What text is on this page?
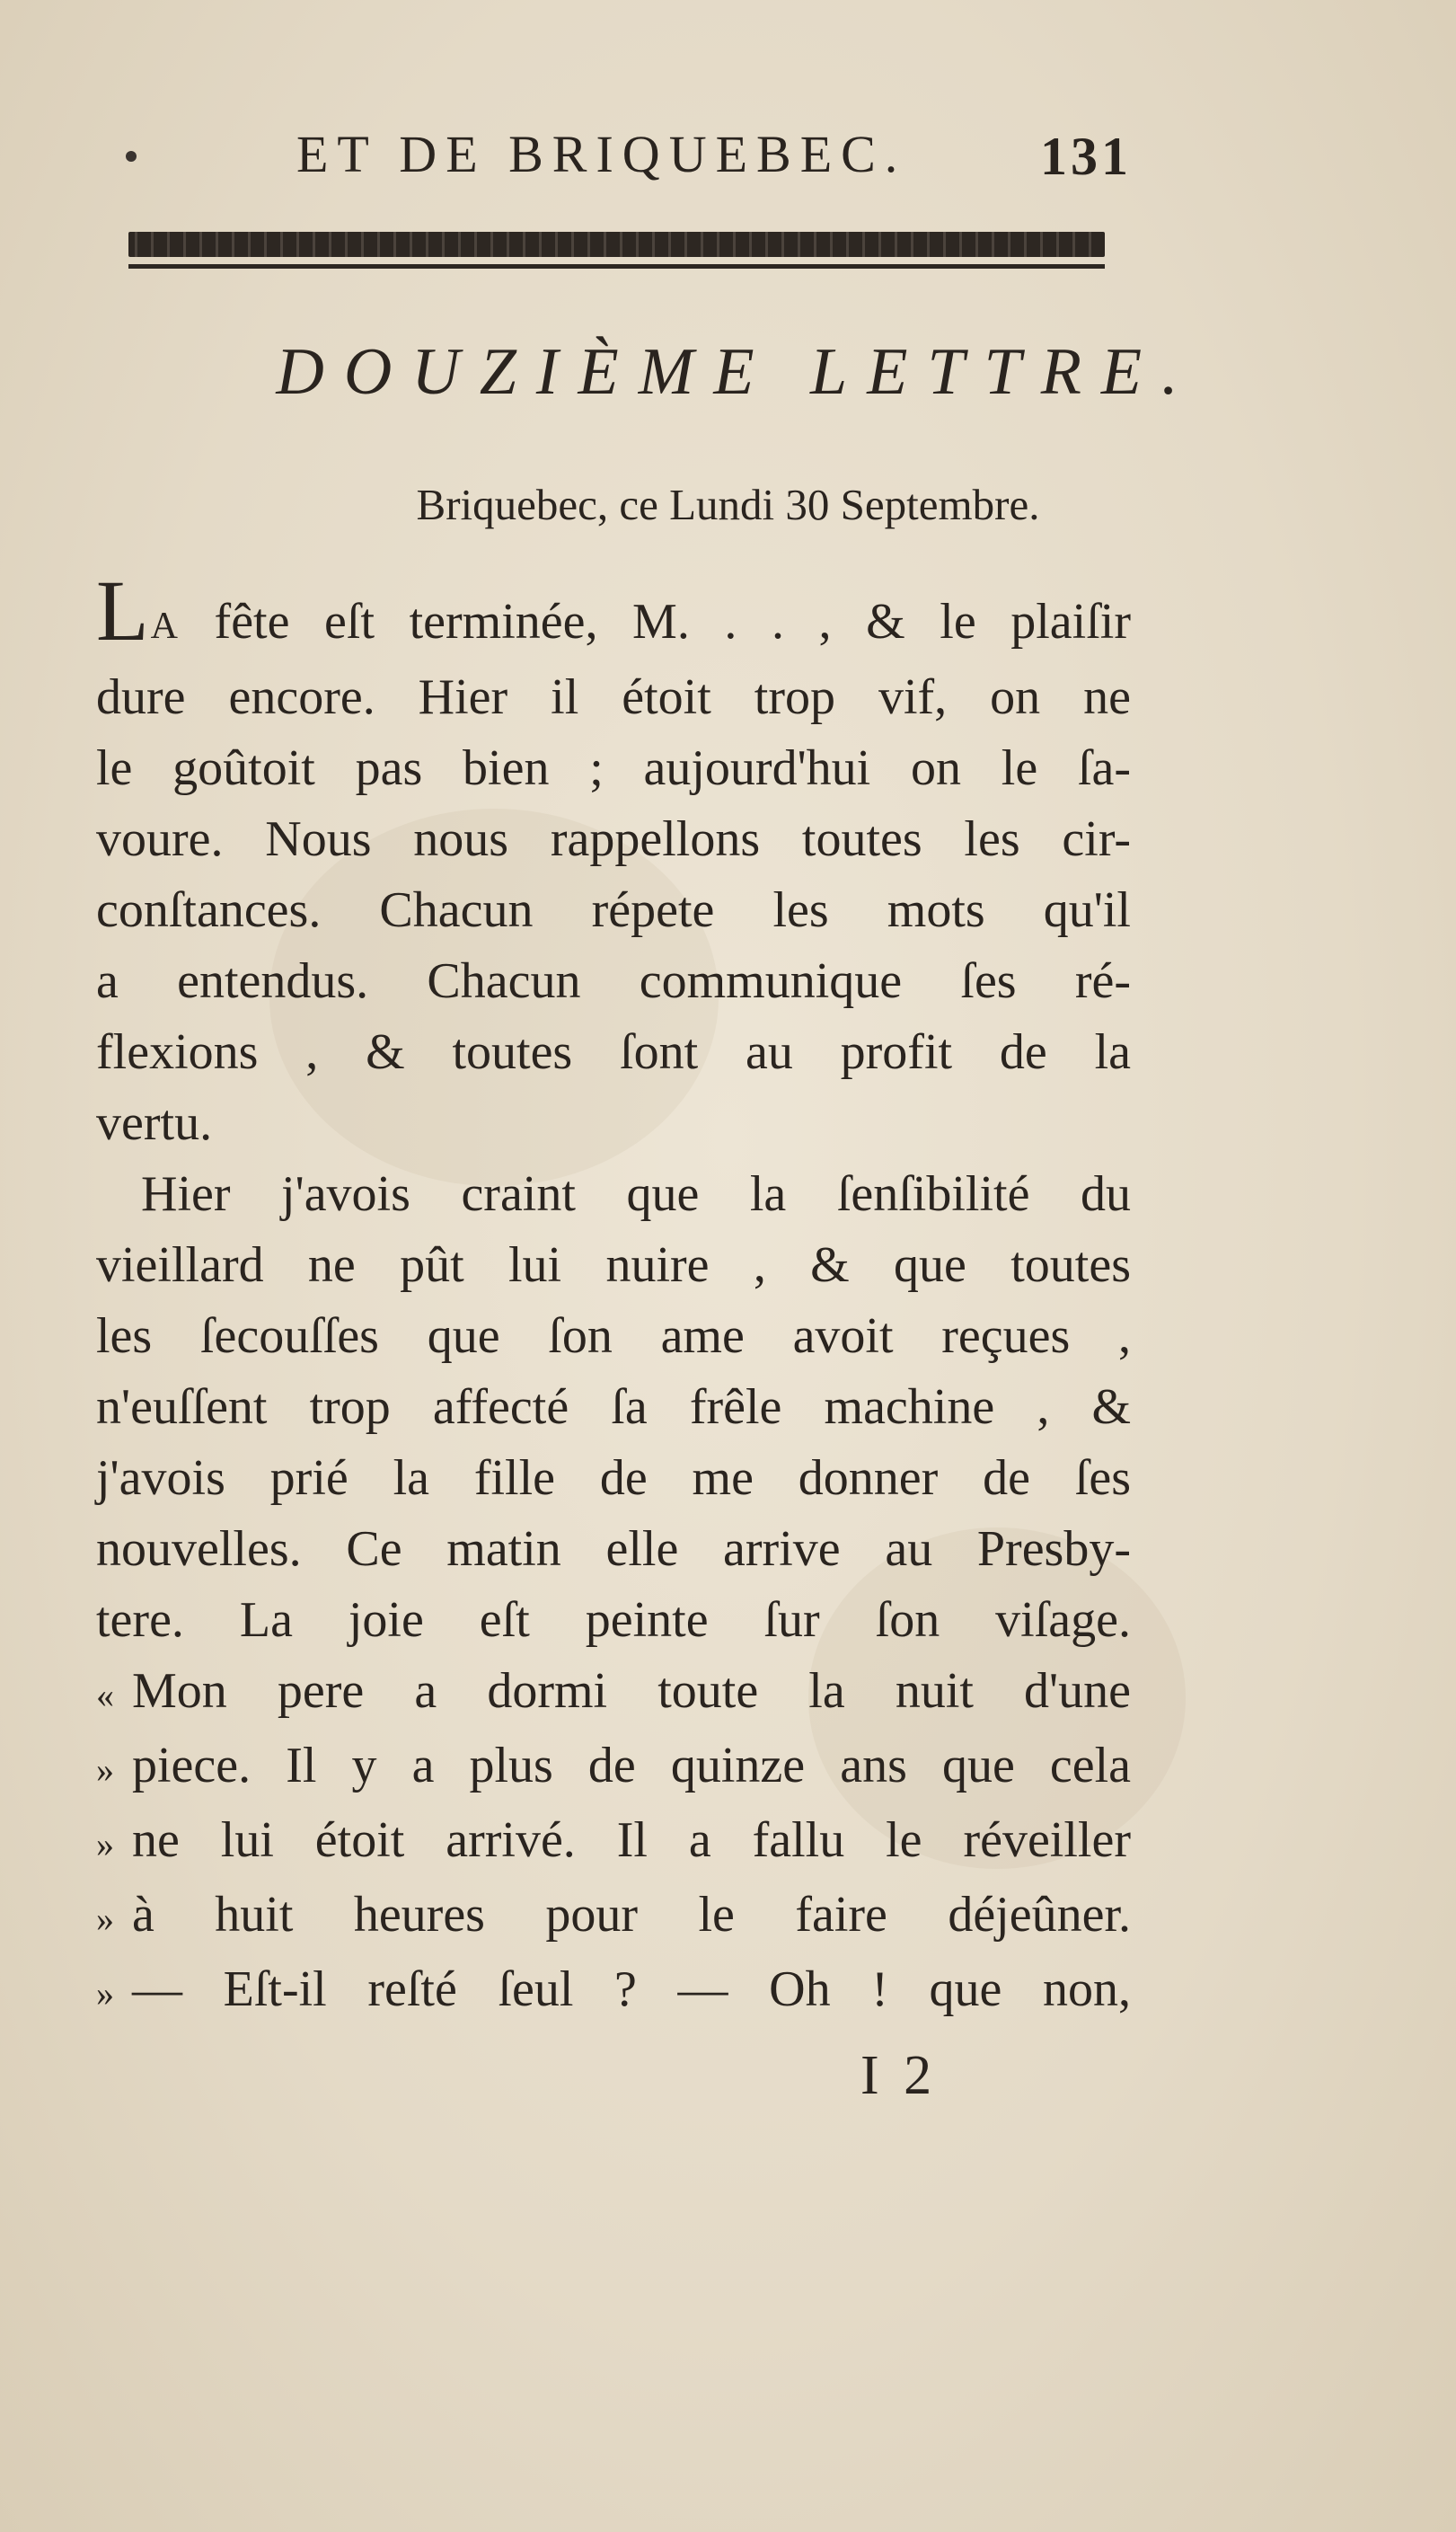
ET DE BRIQUEBEC. 131
DOUZIÈME LETTRE.
Briquebec, ce Lundi 30 Septembre.
LA fête eſt terminée, M. . . , & le plaiſir
dure encore. Hier il étoit trop vif, on ne
le goûtoit pas bien ; aujourd'hui on le ſa-
voure. Nous nous rappellons toutes les cir-
conſtances. Chacun répete les mots qu'il
a entendus. Chacun communique ſes ré-
flexions , & toutes ſont au profit de la
vertu.
Hier j'avois craint que la ſenſibilité du
vieillard ne pût lui nuire , & que toutes
les ſecouſſes que ſon ame avoit reçues ,
n'euſſent trop affecté ſa frêle machine , &
j'avois prié la fille de me donner de ſes
nouvelles. Ce matin elle arrive au Presby-
tere. La joie eſt peinte ſur ſon viſage.
« Mon pere a dormi toute la nuit d'une
» piece. Il y a plus de quinze ans que cela
» ne lui étoit arrivé. Il a fallu le réveiller
» à huit heures pour le faire déjeûner.
» — Eſt-il reſté ſeul ? — Oh ! que non,
I 2
